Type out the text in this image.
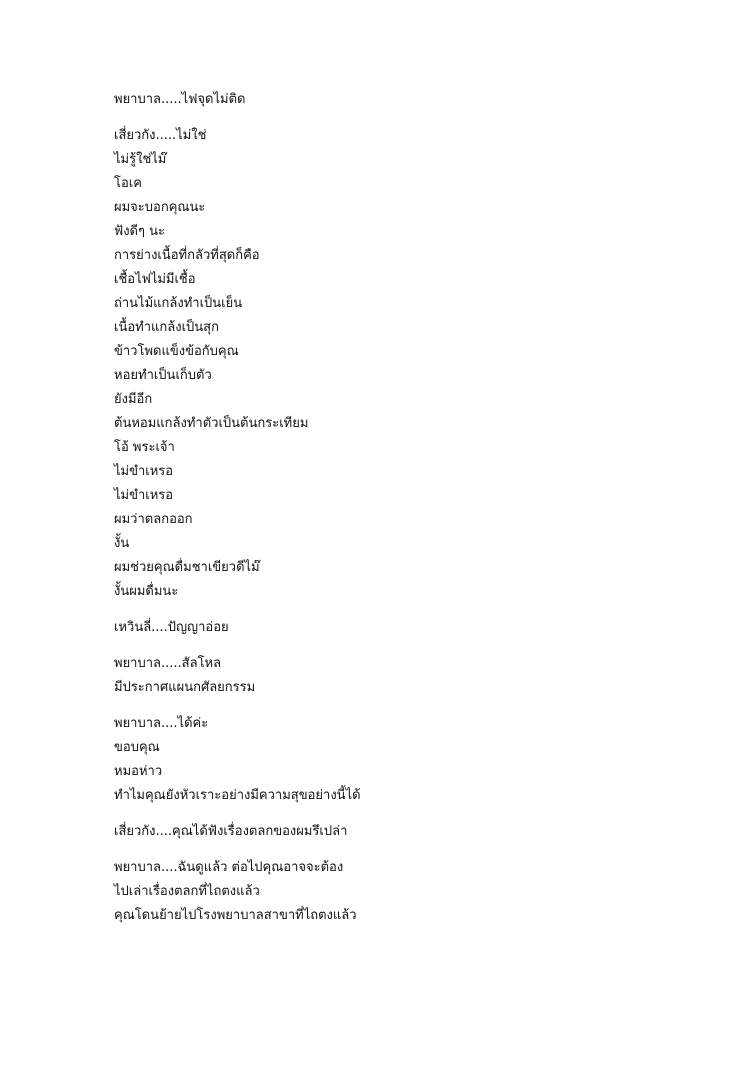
พยาบาล.....ไฟจุดไม่ติด
เสี่ยวกัง.....ไม่ใช่
ไม่รู้ใช่ไม๊
โอเค
ผมจะบอกคุณนะ
ฟังดีๆ นะ
การย่างเนื้อที่กลัวที่สุดก็คือ
เชื้อไฟไม่มีเชื้อ
ถ่านไม้แกล้งทำเป็นเย็น
เนื้อทำแกล้งเป็นสุก
ข้าวโพดแข็งข้อกับคุณ
หอยทำเป็นเก็บตัว
ยังมีอีก
ต้นหอมแกล้งทำตัวเป็นต้นกระเทียม
โอ้ พระเจ้า
ไม่ขำเหรอ
ไม่ขำเหรอ
ผมว่าตลกออก
งั้น
ผมช่วยคุณดื่มชาเขียวดีไม๊
งั้นผมดื่มนะ
เหวินลี่....ปัญญาอ่อย
พยาบาล.....สัลโหล
มีประกาศแผนกศัลยกรรม
พยาบาล....ได้ค่ะ
ขอบคุณ
หมอห่าว
ทำไมคุณยังหัวเราะอย่างมีความสุขอย่างนี้ได้
เสี่ยวกัง....คุณได้ฟังเรื่องตลกของผมรึเปล่า
พยาบาล....ฉันดูแล้ว ต่อไปคุณอาจจะต้อง
ไปเล่าเรื่องตลกที่ไถตงแล้ว
คุณโดนย้ายไปโรงพยาบาลสาขาที่ไถตงแล้ว
